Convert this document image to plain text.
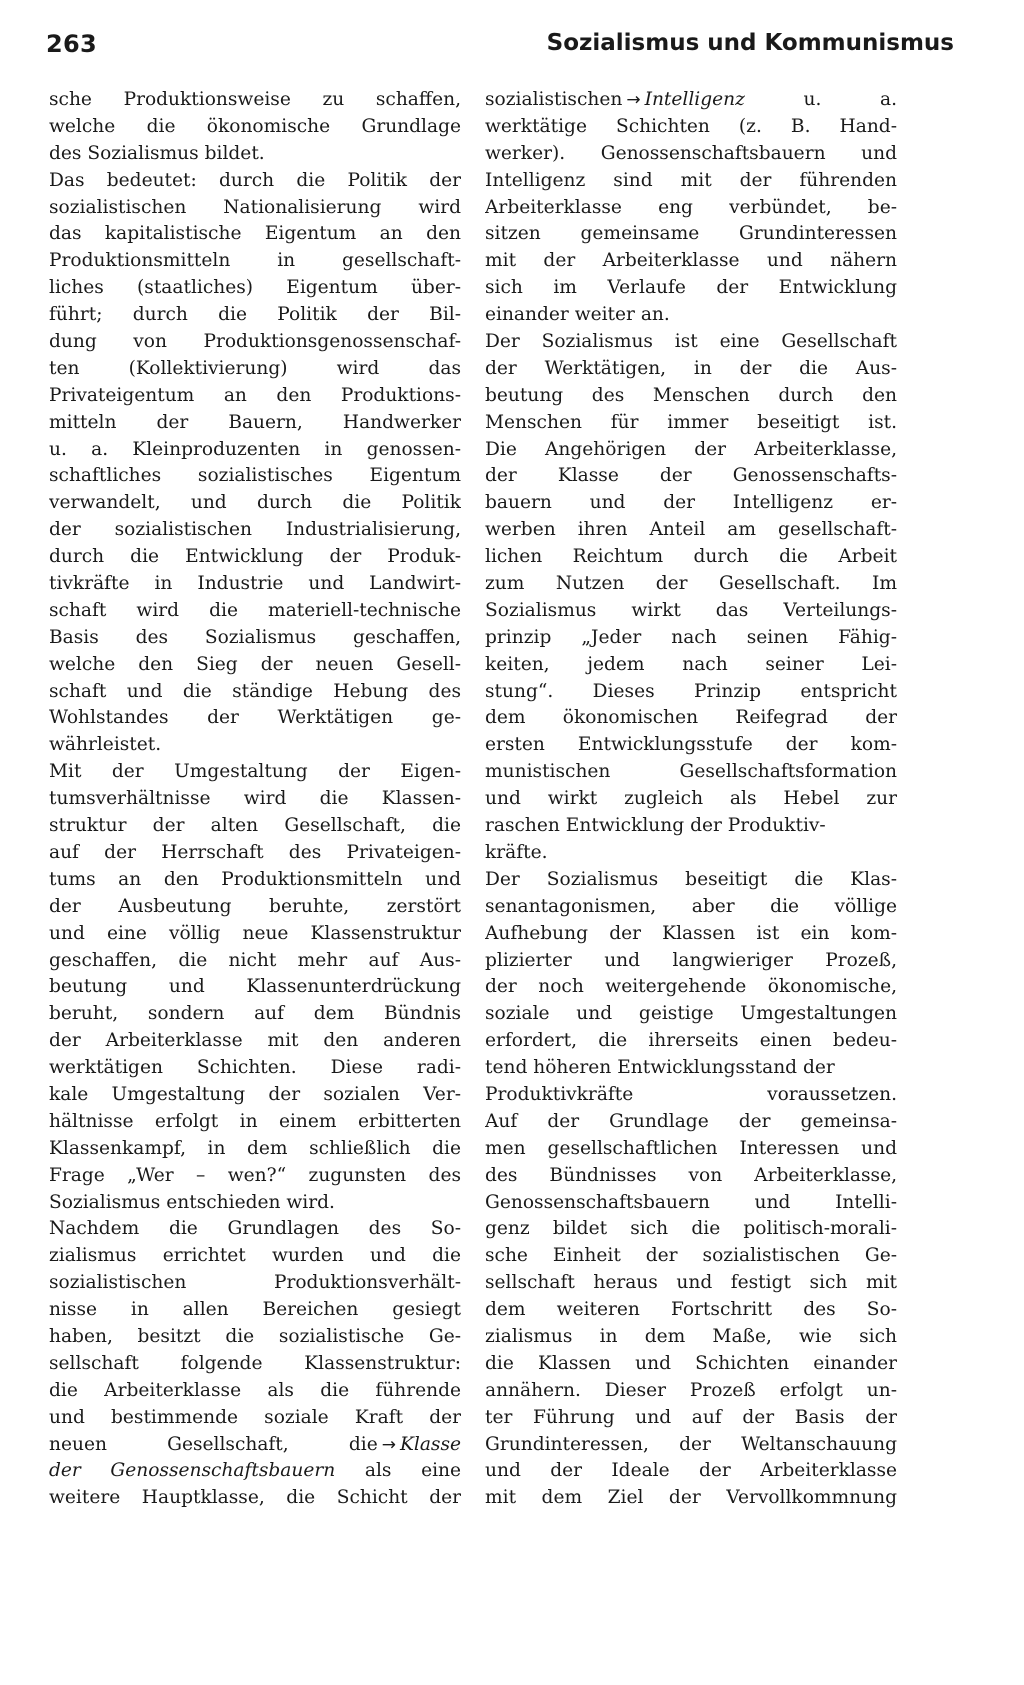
263	Sozialismus und Kommunismus
sche Produktionsweise zu schaffen,
welche die ökonomische Grundlage
des Sozialismus bildet.
Das bedeutet: durch die Politik der
sozialistischen Nationalisierung wird
das kapitalistische Eigentum an den
Produktionsmitteln in gesellschaft-
liches (staatliches) Eigentum über-
führt; durch die Politik der Bil-
dung von Produktionsgenossenschaf-
ten (Kollektivierung) wird das
Privateigentum an den Produktions-
mitteln der Bauern, Handwerker
u. a. Kleinproduzenten in genossen-
schaftliches sozialistisches Eigentum
verwandelt, und durch die Politik
der sozialistischen Industrialisierung,
durch die Entwicklung der Produk-
tivkräfte in Industrie und Landwirt-
schaft wird die materiell-technische
Basis des Sozialismus geschaffen,
welche den Sieg der neuen Gesell-
schaft und die ständige Hebung des
Wohlstandes der Werktätigen ge-
währleistet.
Mit der Umgestaltung der Eigen-
tumsverhältnisse wird die Klassen-
struktur der alten Gesellschaft, die
auf der Herrschaft des Privateigen-
tums an den Produktionsmitteln und
der Ausbeutung beruhte, zerstört
und eine völlig neue Klassenstruktur
geschaffen, die nicht mehr auf Aus-
beutung und Klassenunterdrückung
beruht, sondern auf dem Bündnis
der Arbeiterklasse mit den anderen
werktätigen Schichten. Diese radi-
kale Umgestaltung der sozialen Ver-
hältnisse erfolgt in einem erbitterten
Klassenkampf, in dem schließlich die
Frage „Wer – wen?“ zugunsten des
Sozialismus entschieden wird.
Nachdem die Grundlagen des So-
zialismus errichtet wurden und die
sozialistischen Produktionsverhält-
nisse in allen Bereichen gesiegt
haben, besitzt die sozialistische Ge-
sellschaft folgende Klassenstruktur:
die Arbeiterklasse als die führende
und bestimmende soziale Kraft der
neuen Gesellschaft, die → Klasse
der Genossenschaftsbauern als eine
weitere Hauptklasse, die Schicht der
sozialistischen → Intelligenz	u. a.
werktätige Schichten (z. B. Hand-
werker). Genossenschaftsbauern und
Intelligenz sind mit der führenden
Arbeiterklasse eng verbündet, be-
sitzen gemeinsame Grundinteressen
mit der Arbeiterklasse und nähern
sich im Verlaufe der Entwicklung
einander weiter an.
Der Sozialismus ist eine Gesellschaft
der Werktätigen, in der die Aus-
beutung des Menschen durch den
Menschen für immer beseitigt ist.
Die Angehörigen der Arbeiterklasse,
der Klasse der Genossenschafts-
bauern und der Intelligenz er-
werben ihren Anteil am gesellschaft-
lichen Reichtum durch die Arbeit
zum Nutzen der Gesellschaft. Im
Sozialismus wirkt das Verteilungs-
prinzip „Jeder nach seinen Fähig-
keiten, jedem nach seiner Lei-
stung“. Dieses Prinzip entspricht
dem ökonomischen Reifegrad der
ersten Entwicklungsstufe der kom-
munistischen Gesellschaftsformation
und wirkt zugleich als Hebel zur
raschen Entwicklung der Produktiv-
kräfte.
Der Sozialismus beseitigt die Klas-
senantagonismen, aber die völlige
Aufhebung der Klassen ist ein kom-
plizierter und langwieriger Prozeß,
der noch weitergehende ökonomische,
soziale und geistige Umgestaltungen
erfordert, die ihrerseits einen bedeu-
tend höheren Entwicklungsstand der
Produktivkräfte voraussetzen.
Auf der Grundlage der gemeinsa-
men gesellschaftlichen Interessen und
des Bündnisses von Arbeiterklasse,
Genossenschaftsbauern und Intelli-
genz bildet sich die politisch-morali-
sche Einheit der sozialistischen Ge-
sellschaft heraus und festigt sich mit
dem weiteren Fortschritt des So-
zialismus in dem Maße, wie sich
die Klassen und Schichten einander
annähern. Dieser Prozeß erfolgt un-
ter Führung und auf der Basis der
Grundinteressen, der Weltanschauung
und der Ideale der Arbeiterklasse
mit dem Ziel der Vervollkommnung
